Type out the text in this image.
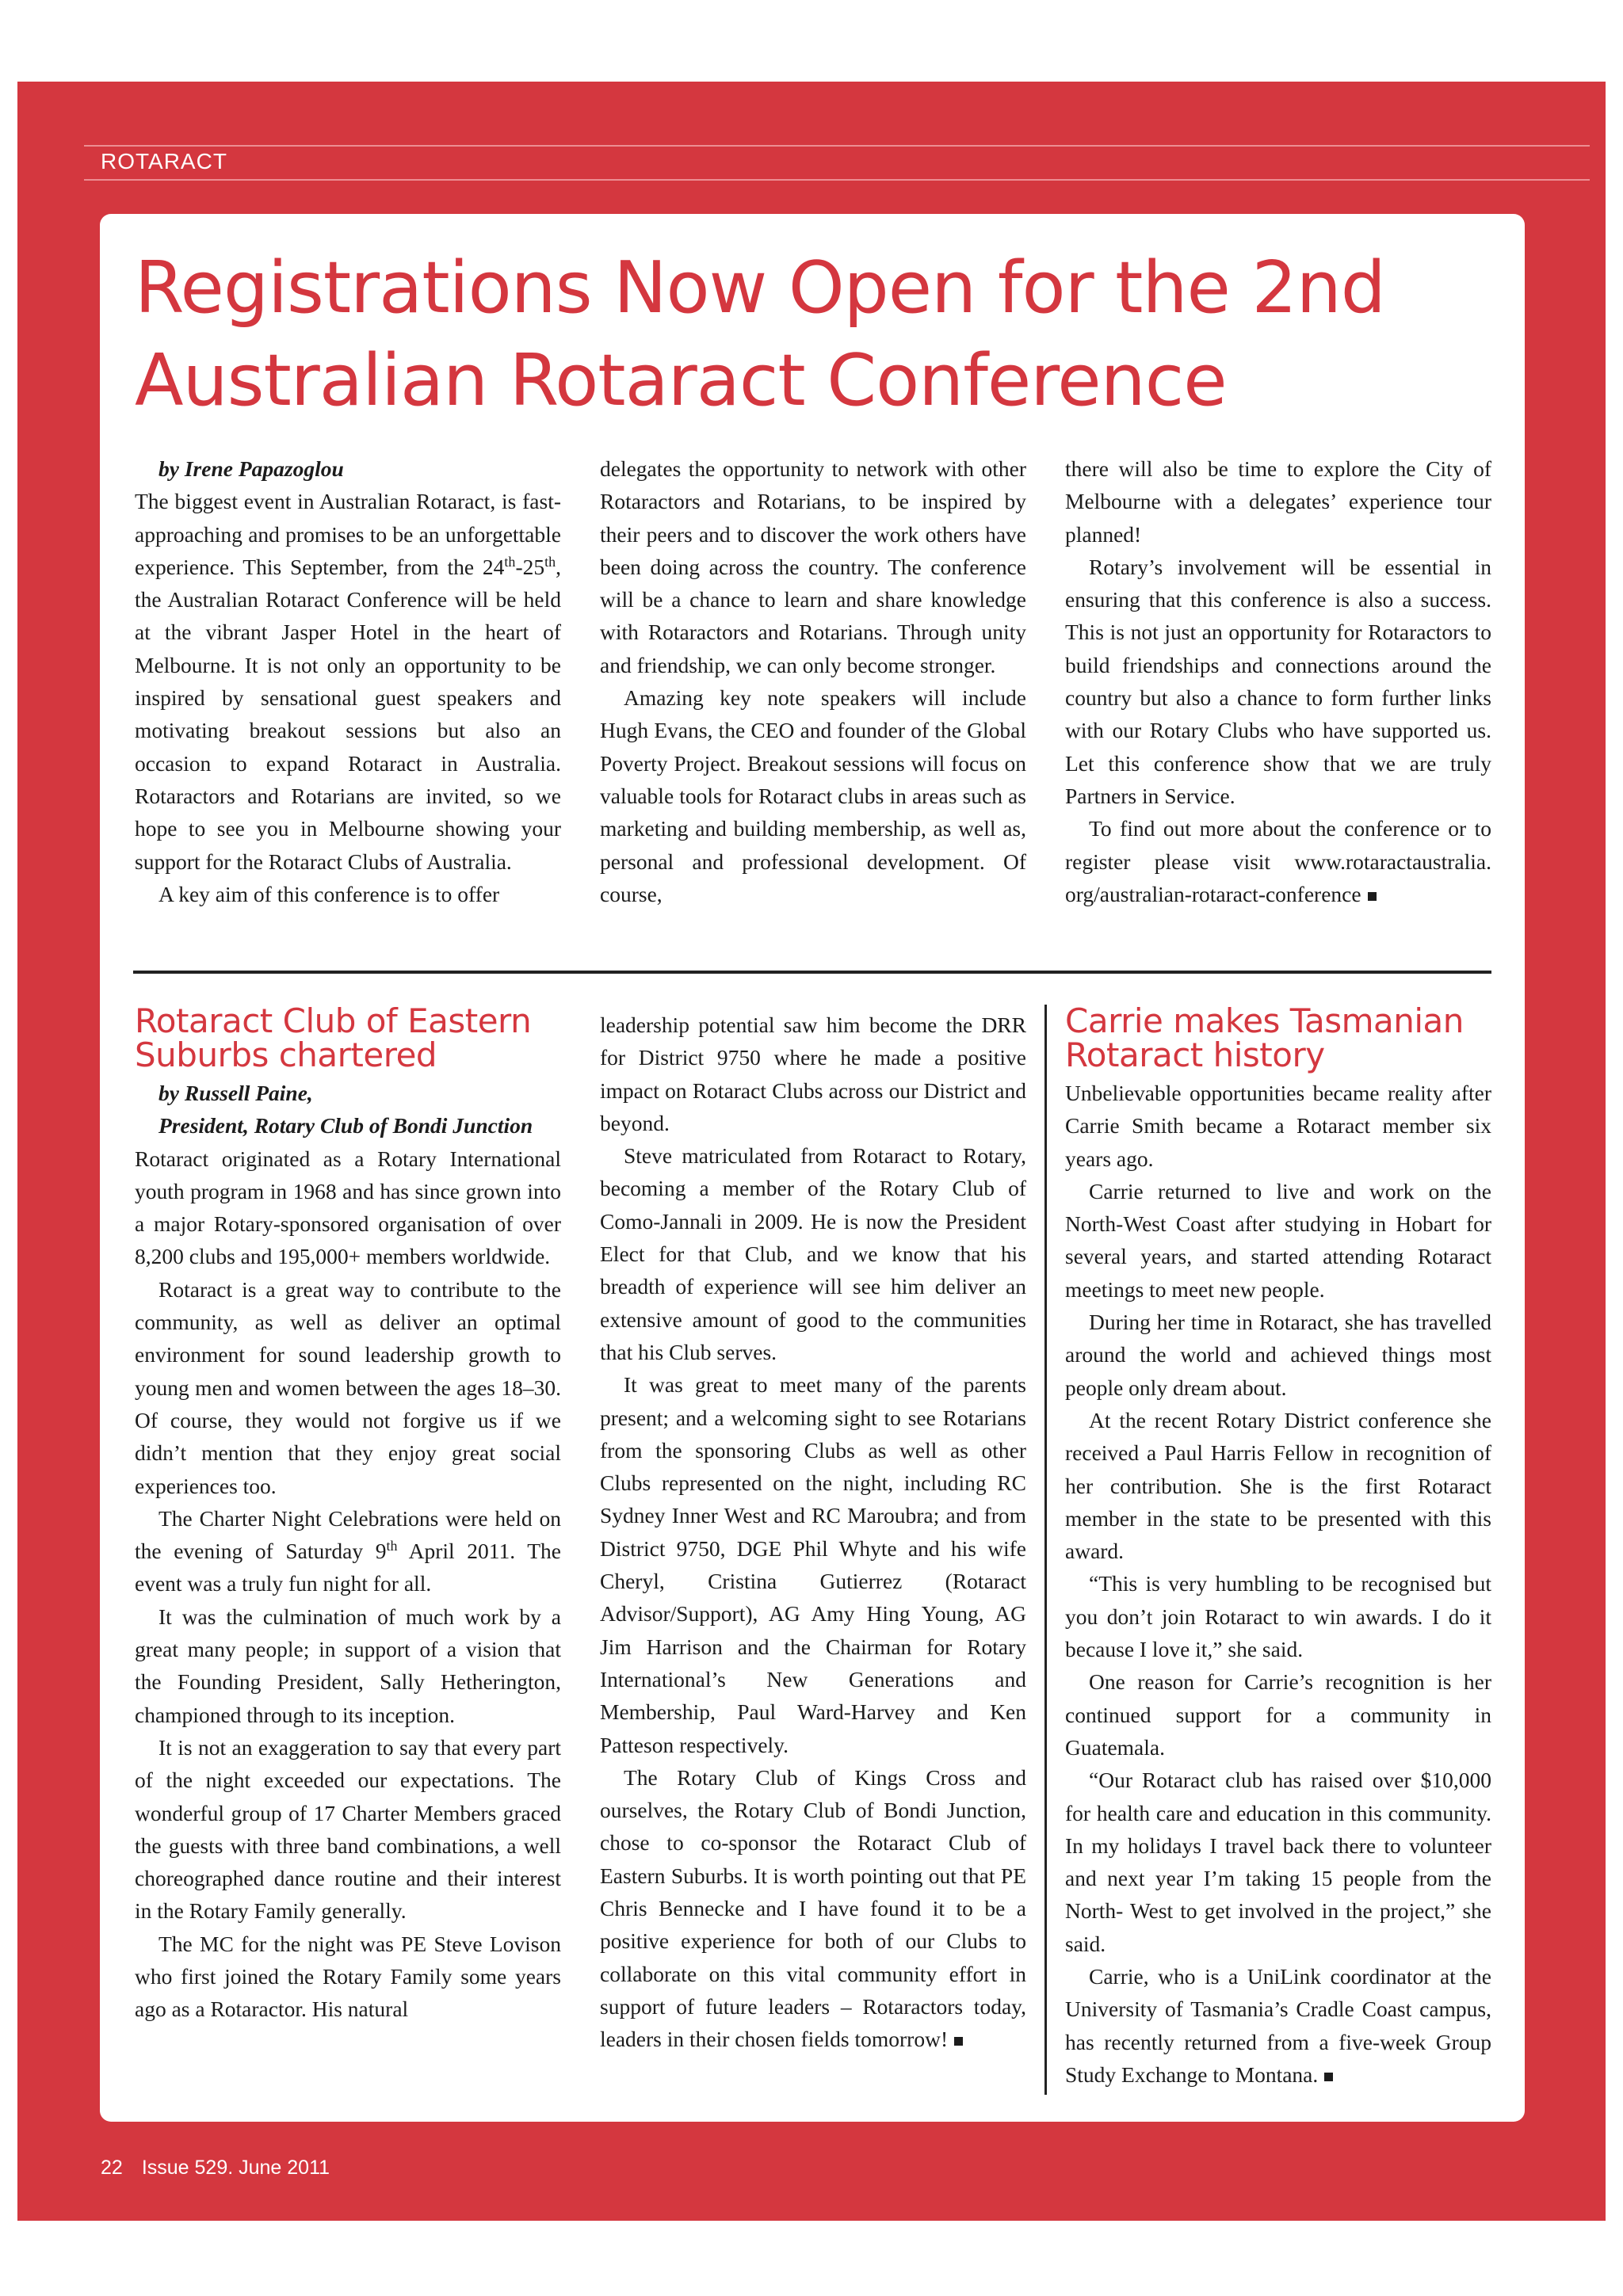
ROTARACT
Registrations Now Open for the 2nd Australian Rotaract Conference

by Irene Papazoglou

The biggest event in Australian Rotaract, is fast-approaching and promises to be an unforgettable experience. This September, from the 24th-25th, the Australian Rotaract Conference will be held at the vibrant Jasper Hotel in the heart of Melbourne. It is not only an opportunity to be inspired by sensational guest speakers and motivating breakout sessions but also an occasion to expand Rotaract in Australia. Rotaractors and Rotarians are invited, so we hope to see you in Melbourne showing your support for the Rotaract Clubs of Australia.

A key aim of this conference is to offer

delegates the opportunity to network with other Rotaractors and Rotarians, to be inspired by their peers and to discover the work others have been doing across the country. The conference will be a chance to learn and share knowledge with Rotaractors and Rotarians. Through unity and friendship, we can only become stronger.

Amazing key note speakers will include Hugh Evans, the CEO and founder of the Global Poverty Project. Breakout sessions will focus on valuable tools for Rotaract clubs in areas such as marketing and building membership, as well as, personal and professional development. Of course,

there will also be time to explore the City of Melbourne with a delegates’ experience tour planned!

Rotary’s involvement will be essential in ensuring that this conference is also a success. This is not just an opportunity for Rotaractors to build friendships and connections around the country but also a chance to form further links with our Rotary Clubs who have supported us. Let this conference show that we are truly Partners in Service.

To find out more about the conference or to register please visit www.rotaractaustralia. org/australian-rotaract-conference

Rotaract Club of Eastern Suburbs chartered

by Russell Paine,

President, Rotary Club of Bondi Junction

Rotaract originated as a Rotary International youth program in 1968 and has since grown into a major Rotary-sponsored organisation of over 8,200 clubs and 195,000+ members worldwide.

Rotaract is a great way to contribute to the community, as well as deliver an optimal environment for sound leadership growth to young men and women between the ages 18–30. Of course, they would not forgive us if we didn’t mention that they enjoy great social experiences too.

The Charter Night Celebrations were held on the evening of Saturday 9th April 2011. The event was a truly fun night for all.

It was the culmination of much work by a great many people; in support of a vision that the Founding President, Sally Hetherington, championed through to its inception.

It is not an exaggeration to say that every part of the night exceeded our expectations. The wonderful group of 17 Charter Members graced the guests with three band combinations, a well choreographed dance routine and their interest in the Rotary Family generally.

The MC for the night was PE Steve Lovison who first joined the Rotary Family some years ago as a Rotaractor. His natural

leadership potential saw him become the DRR for District 9750 where he made a positive impact on Rotaract Clubs across our District and beyond.

Steve matriculated from Rotaract to Rotary, becoming a member of the Rotary Club of Como-Jannali in 2009. He is now the President Elect for that Club, and we know that his breadth of experience will see him deliver an extensive amount of good to the communities that his Club serves.

It was great to meet many of the parents present; and a welcoming sight to see Rotarians from the sponsoring Clubs as well as other Clubs represented on the night, including RC Sydney Inner West and RC Maroubra; and from District 9750, DGE Phil Whyte and his wife Cheryl, Cristina Gutierrez (Rotaract Advisor/Support), AG Amy Hing Young, AG Jim Harrison and the Chairman for Rotary International’s New Generations and Membership, Paul Ward-Harvey and Ken Patteson respectively.

The Rotary Club of Kings Cross and ourselves, the Rotary Club of Bondi Junction, chose to co-sponsor the Rotaract Club of Eastern Suburbs. It is worth pointing out that PE Chris Bennecke and I have found it to be a positive experience for both of our Clubs to collaborate on this vital community effort in support of future leaders – Rotaractors today, leaders in their chosen fields tomorrow!

Carrie makes Tasmanian Rotaract history

Unbelievable opportunities became reality after Carrie Smith became a Rotaract member six years ago.

Carrie returned to live and work on the North-West Coast after studying in Hobart for several years, and started attending Rotaract meetings to meet new people.

During her time in Rotaract, she has travelled around the world and achieved things most people only dream about.

At the recent Rotary District conference she received a Paul Harris Fellow in recognition of her contribution. She is the first Rotaract member in the state to be presented with this award.

“This is very humbling to be recognised but you don’t join Rotaract to win awards. I do it because I love it,” she said.

One reason for Carrie’s recognition is her continued support for a community in Guatemala.

“Our Rotaract club has raised over $10,000 for health care and education in this community. In my holidays I travel back there to volunteer and next year I’m taking 15 people from the North- West to get involved in the project,” she said.

Carrie, who is a UniLink coordinator at the University of Tasmania’s Cradle Coast campus, has recently returned from a five-week Group Study Exchange to Montana.

22 Issue 529. June 2011
